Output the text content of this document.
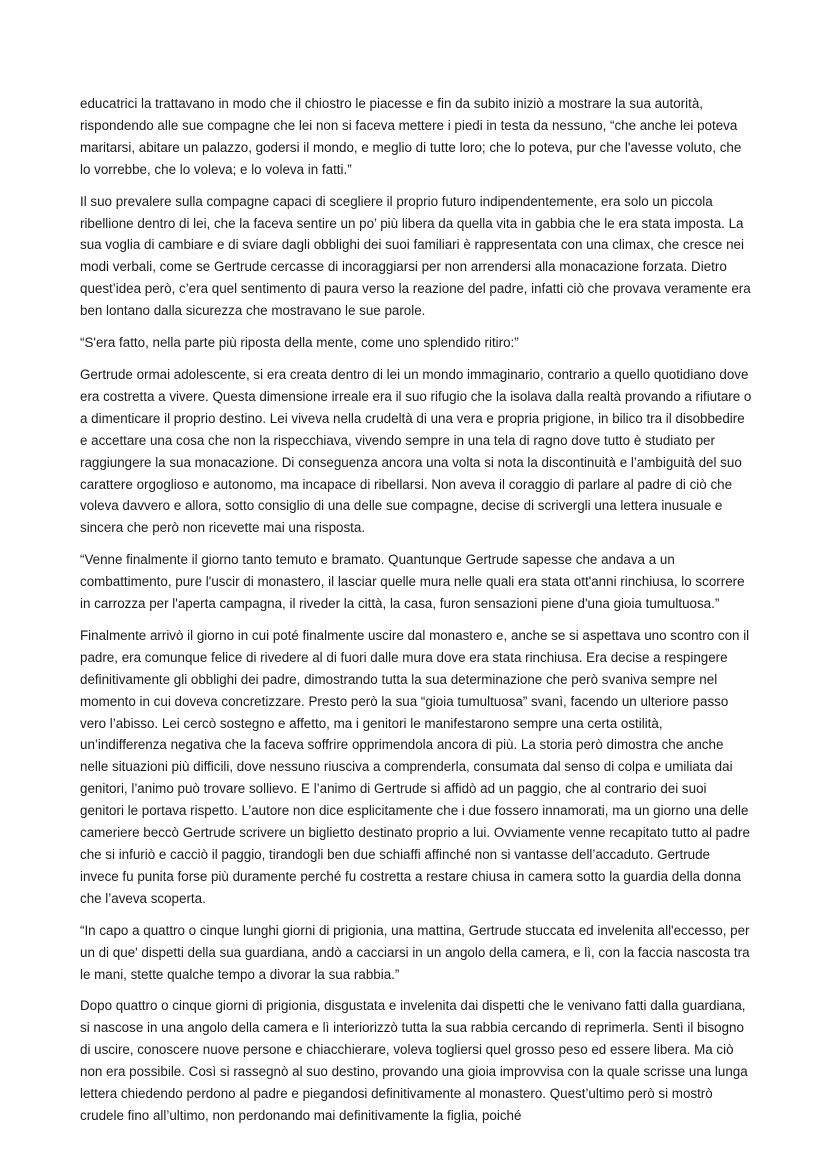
educatrici la trattavano in modo che il chiostro le piacesse e fin da subito iniziò a mostrare la sua autorità, rispondendo alle sue compagne che lei non si faceva mettere i piedi in testa da nessuno, “che anche lei poteva maritarsi, abitare un palazzo, godersi il mondo, e meglio di tutte loro; che lo poteva, pur che l'avesse voluto, che lo vorrebbe, che lo voleva; e lo voleva in fatti.”

Il suo prevalere sulla compagne capaci di scegliere il proprio futuro indipendentemente, era solo un piccola ribellione dentro di lei, che la faceva sentire un po’ più libera da quella vita in gabbia che le era stata imposta. La sua voglia di cambiare e di sviare dagli obblighi dei suoi familiari è rappresentata con una climax, che cresce nei modi verbali, come se Gertrude cercasse di incoraggiarsi per non arrendersi alla monacazione forzata. Dietro quest’idea però, c’era quel sentimento di paura verso la reazione del padre, infatti ciò che provava veramente era ben lontano dalla sicurezza che mostravano le sue parole.

“S'era fatto, nella parte più riposta della mente, come uno splendido ritiro:”

Gertrude ormai adolescente, si era creata dentro di lei un mondo immaginario, contrario a quello quotidiano dove era costretta a vivere. Questa dimensione irreale era il suo rifugio che la isolava dalla realtà provando a rifiutare o a dimenticare il proprio destino. Lei viveva nella crudeltà di una vera e propria prigione, in bilico tra il disobbedire e accettare una cosa che non la rispecchiava, vivendo sempre in una tela di ragno dove tutto è studiato per raggiungere la sua monacazione. Di conseguenza ancora una volta si nota la discontinuità e l’ambiguità del suo carattere orgoglioso e autonomo, ma incapace di ribellarsi. Non aveva il coraggio di parlare al padre di ciò che voleva davvero e allora, sotto consiglio di una delle sue compagne, decise di scrivergli una lettera inusuale e sincera che però non ricevette mai una risposta.

“Venne finalmente il giorno tanto temuto e bramato. Quantunque Gertrude sapesse che andava a un combattimento, pure l'uscir di monastero, il lasciar quelle mura nelle quali era stata ott'anni rinchiusa, lo scorrere in carrozza per l'aperta campagna, il riveder la città, la casa, furon sensazioni piene d'una gioia tumultuosa.”

Finalmente arrivò il giorno in cui poté finalmente uscire dal monastero e, anche se si aspettava uno scontro con il padre, era comunque felice di rivedere al di fuori dalle mura dove era stata rinchiusa. Era decise a respingere definitivamente gli obblighi dei padre, dimostrando tutta la sua determinazione che però svaniva sempre nel momento in cui doveva concretizzare. Presto però la sua “gioia tumultuosa” svanì, facendo un ulteriore passo vero l’abisso. Lei cercò sostegno e affetto, ma i genitori le manifestarono sempre una certa ostilità, un’indifferenza negativa che la faceva soffrire opprimendola ancora di più. La storia però dimostra che anche nelle situazioni più difficili, dove nessuno riusciva a comprenderla, consumata dal senso di colpa e umiliata dai genitori, l’animo può trovare sollievo. E l’animo di Gertrude si affidò ad un paggio, che al contrario dei suoi genitori le portava rispetto. L’autore non dice esplicitamente che i due fossero innamorati, ma un giorno una delle cameriere beccò Gertrude scrivere un biglietto destinato proprio a lui. Ovviamente venne recapitato tutto al padre che si infuriò e cacciò il paggio, tirandogli ben due schiaffi affinché non si vantasse dell’accaduto. Gertrude invece fu punita forse più duramente perché fu costretta a restare chiusa in camera sotto la guardia della donna che l’aveva scoperta.

“In capo a quattro o cinque lunghi giorni di prigionia, una mattina, Gertrude stuccata ed invelenita all'eccesso, per un di que' dispetti della sua guardiana, andò a cacciarsi in un angolo della camera, e lì, con la faccia nascosta tra le mani, stette qualche tempo a divorar la sua rabbia.”

Dopo quattro o cinque giorni di prigionia, disgustata e invelenita dai dispetti che le venivano fatti dalla guardiana, si nascose in una angolo della camera e lì interiorizzò tutta la sua rabbia cercando di reprimerla. Sentì il bisogno di uscire, conoscere nuove persone e chiacchierare, voleva togliersi quel grosso peso ed essere libera. Ma ciò non era possibile. Così si rassegnò al suo destino, provando una gioia improvvisa con la quale scrisse una lunga lettera chiedendo perdono al padre e piegandosi definitivamente al monastero. Quest’ultimo però si mostrò crudele fino all’ultimo, non perdonando mai definitivamente la figlia, poiché
